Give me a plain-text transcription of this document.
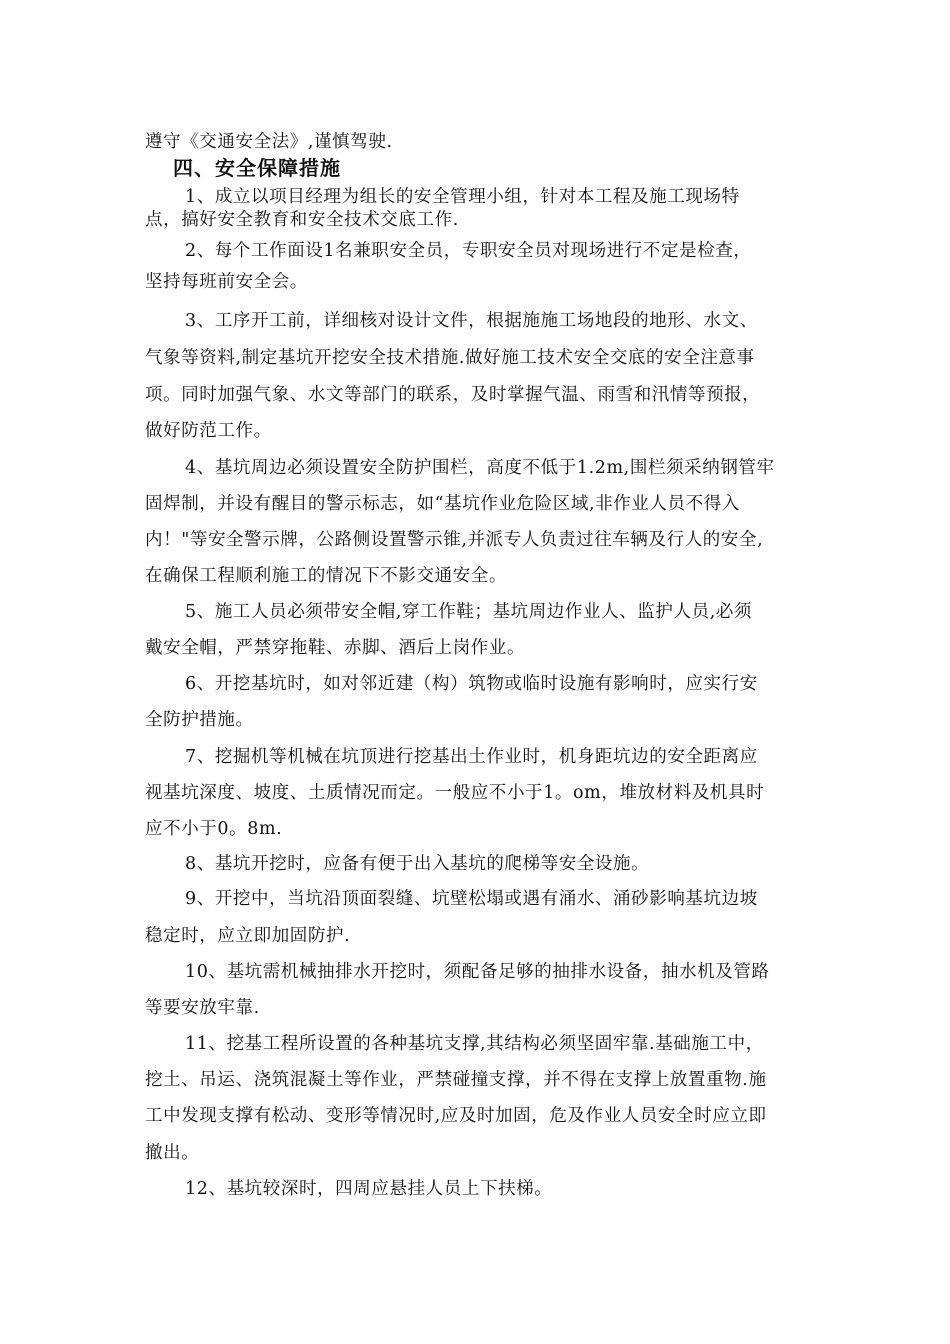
遵守《交通安全法》,谨慎驾驶.
四、安全保障措施
1、成立以项目经理为组长的安全管理小组，针对本工程及施工现场特
点，搞好安全教育和安全技术交底工作.
2、每个工作面设1名兼职安全员，专职安全员对现场进行不定是检查，
坚持每班前安全会。
3、工序开工前，详细核对设计文件，根据施施工场地段的地形、水文、
气象等资料,制定基坑开挖安全技术措施.做好施工技术安全交底的安全注意事
项。同时加强气象、水文等部门的联系，及时掌握气温、雨雪和汛情等预报，
做好防范工作。
4、基坑周边必须设置安全防护围栏，高度不低于1.2m,围栏须采纳钢管牢
固焊制，并设有醒目的警示标志，如“基坑作业危险区域,非作业人员不得入
内！"等安全警示牌，公路侧设置警示锥,并派专人负责过往车辆及行人的安全,
在确保工程顺利施工的情况下不影交通安全。
5、施工人员必须带安全帽,穿工作鞋；基坑周边作业人、监护人员,必须
戴安全帽，严禁穿拖鞋、赤脚、酒后上岗作业。
6、开挖基坑时，如对邻近建（构）筑物或临时设施有影响时，应实行安
全防护措施。
7、挖掘机等机械在坑顶进行挖基出土作业时，机身距坑边的安全距离应
视基坑深度、坡度、土质情况而定。一般应不小于1。om，堆放材料及机具时
应不小于0。8m.
8、基坑开挖时，应备有便于出入基坑的爬梯等安全设施。
9、开挖中，当坑沿顶面裂缝、坑壁松塌或遇有涌水、涌砂影响基坑边坡
稳定时，应立即加固防护.
10、基坑需机械抽排水开挖时，须配备足够的抽排水设备，抽水机及管路
等要安放牢靠.
11、挖基工程所设置的各种基坑支撑,其结构必须坚固牢靠.基础施工中，
挖土、吊运、浇筑混凝土等作业，严禁碰撞支撑，并不得在支撑上放置重物.施
工中发现支撑有松动、变形等情况时,应及时加固，危及作业人员安全时应立即
撤出。
12、基坑较深时，四周应悬挂人员上下扶梯。
